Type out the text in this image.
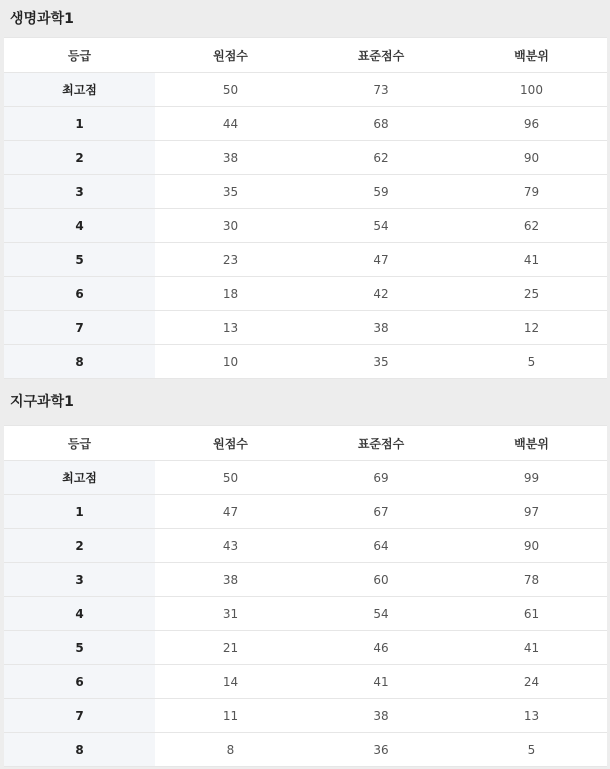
생명과학1
등급	원점수	표준점수	백분위
최고점	50	73	100
1	44	68	96
2	38	62	90
3	35	59	79
4	30	54	62
5	23	47	41
6	18	42	25
7	13	38	12
8	10	35	5
지구과학1
등급	원점수	표준점수	백분위
최고점	50	69	99
1	47	67	97
2	43	64	90
3	38	60	78
4	31	54	61
5	21	46	41
6	14	41	24
7	11	38	13
8	8	36	5
